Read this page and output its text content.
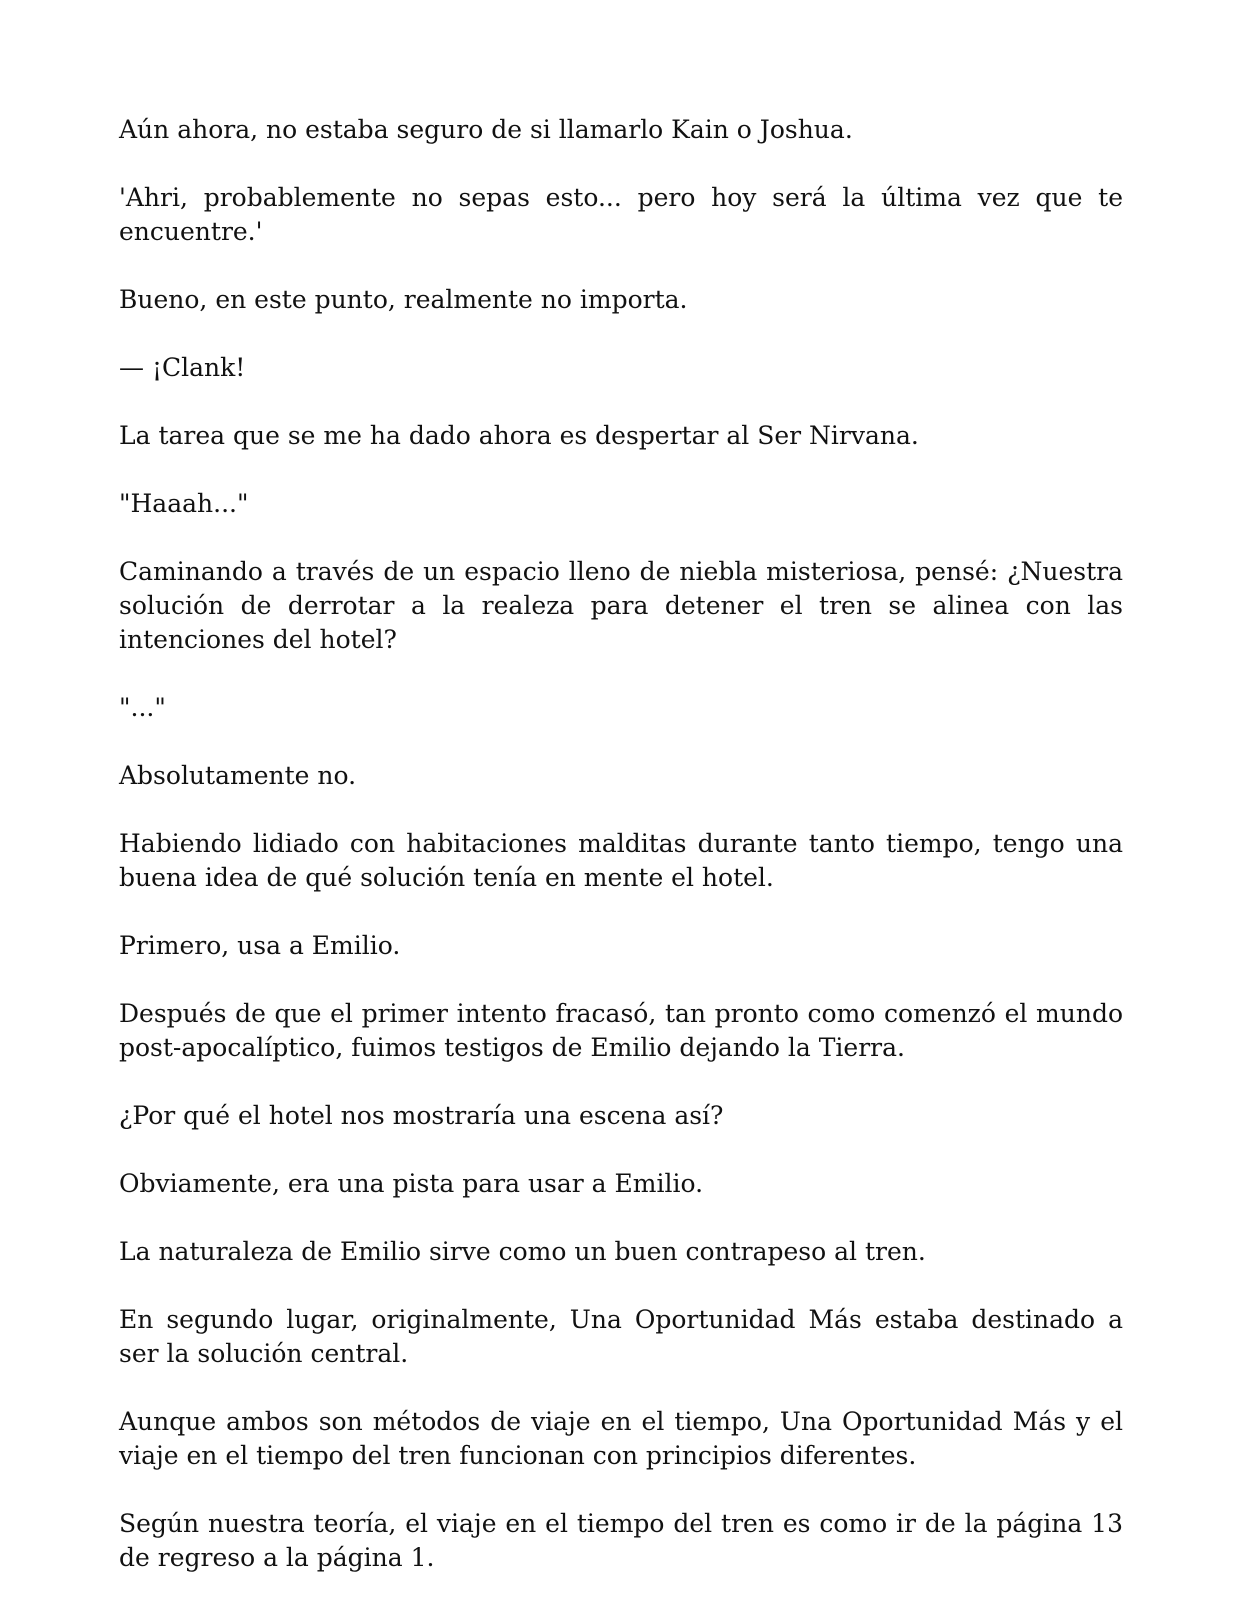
Aún ahora, no estaba seguro de si llamarlo Kain o Joshua.

'Ahri, probablemente no sepas esto... pero hoy será la última vez que te encuentre.'

Bueno, en este punto, realmente no importa.

— ¡Clank!

La tarea que se me ha dado ahora es despertar al Ser Nirvana.

"Haaah..."

Caminando a través de un espacio lleno de niebla misteriosa, pensé: ¿Nuestra solución de derrotar a la realeza para detener el tren se alinea con las intenciones del hotel?

"..."

Absolutamente no.

Habiendo lidiado con habitaciones malditas durante tanto tiempo, tengo una buena idea de qué solución tenía en mente el hotel.

Primero, usa a Emilio.

Después de que el primer intento fracasó, tan pronto como comenzó el mundo post-apocalíptico, fuimos testigos de Emilio dejando la Tierra.

¿Por qué el hotel nos mostraría una escena así?

Obviamente, era una pista para usar a Emilio.

La naturaleza de Emilio sirve como un buen contrapeso al tren.

En segundo lugar, originalmente, Una Oportunidad Más estaba destinado a ser la solución central.

Aunque ambos son métodos de viaje en el tiempo, Una Oportunidad Más y el viaje en el tiempo del tren funcionan con principios diferentes.

Según nuestra teoría, el viaje en el tiempo del tren es como ir de la página 13 de regreso a la página 1.
